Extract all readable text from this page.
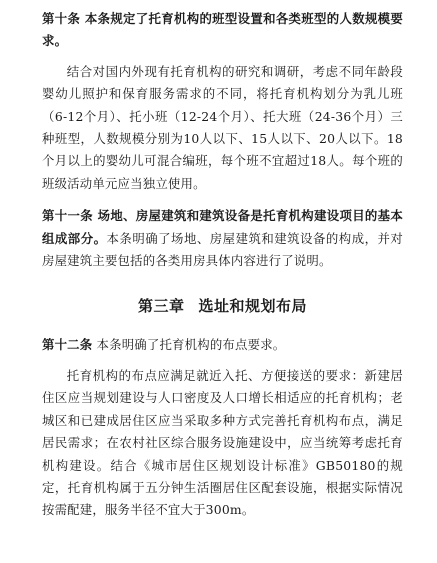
第十条 本条规定了托育机构的班型设置和各类班型的人数规模要求。

结合对国内外现有托育机构的研究和调研，考虑不同年龄段婴幼儿照护和保育服务需求的不同，将托育机构划分为乳儿班（6-12个月）、托小班（12-24个月）、托大班（24-36个月）三种班型，人数规模分别为10人以下、15人以下、20人以下。18个月以上的婴幼儿可混合编班，每个班不宜超过18人。每个班的班级活动单元应当独立使用。

第十一条 场地、房屋建筑和建筑设备是托育机构建设项目的基本组成部分。本条明确了场地、房屋建筑和建筑设备的构成，并对房屋建筑主要包括的各类用房具体内容进行了说明。

第三章 选址和规划布局

第十二条 本条明确了托育机构的布点要求。

托育机构的布点应满足就近入托、方便接送的要求：新建居住区应当规划建设与人口密度及人口增长相适应的托育机构；老城区和已建成居住区应当采取多种方式完善托育机构布点，满足居民需求；在农村社区综合服务设施建设中，应当统筹考虑托育机构建设。结合《城市居住区规划设计标准》GB50180的规定，托育机构属于五分钟生活圈居住区配套设施，根据实际情况按需配建，服务半径不宜大于300m。
